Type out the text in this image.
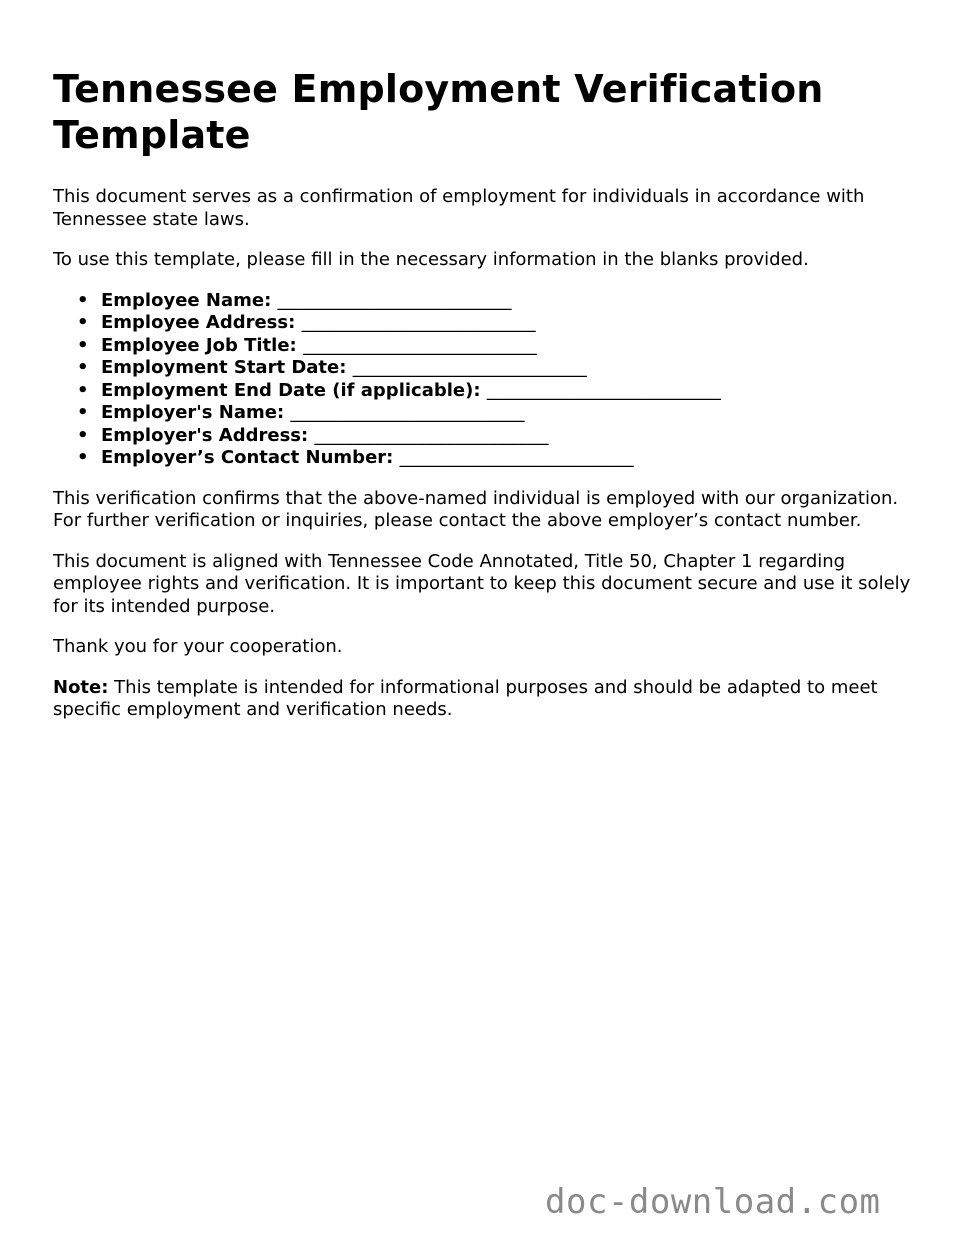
Tennessee Employment Verification Template

This document serves as a confirmation of employment for individuals in accordance with Tennessee state laws.

To use this template, please fill in the necessary information in the blanks provided.

• Employee Name: __________________________
• Employee Address: __________________________
• Employee Job Title: __________________________
• Employment Start Date: __________________________
• Employment End Date (if applicable): __________________________
• Employer's Name: __________________________
• Employer's Address: __________________________
• Employer’s Contact Number: __________________________

This verification confirms that the above-named individual is employed with our organization. For further verification or inquiries, please contact the above employer’s contact number.

This document is aligned with Tennessee Code Annotated, Title 50, Chapter 1 regarding employee rights and verification. It is important to keep this document secure and use it solely for its intended purpose.

Thank you for your cooperation.

Note: This template is intended for informational purposes and should be adapted to meet specific employment and verification needs.

doc-download.com
